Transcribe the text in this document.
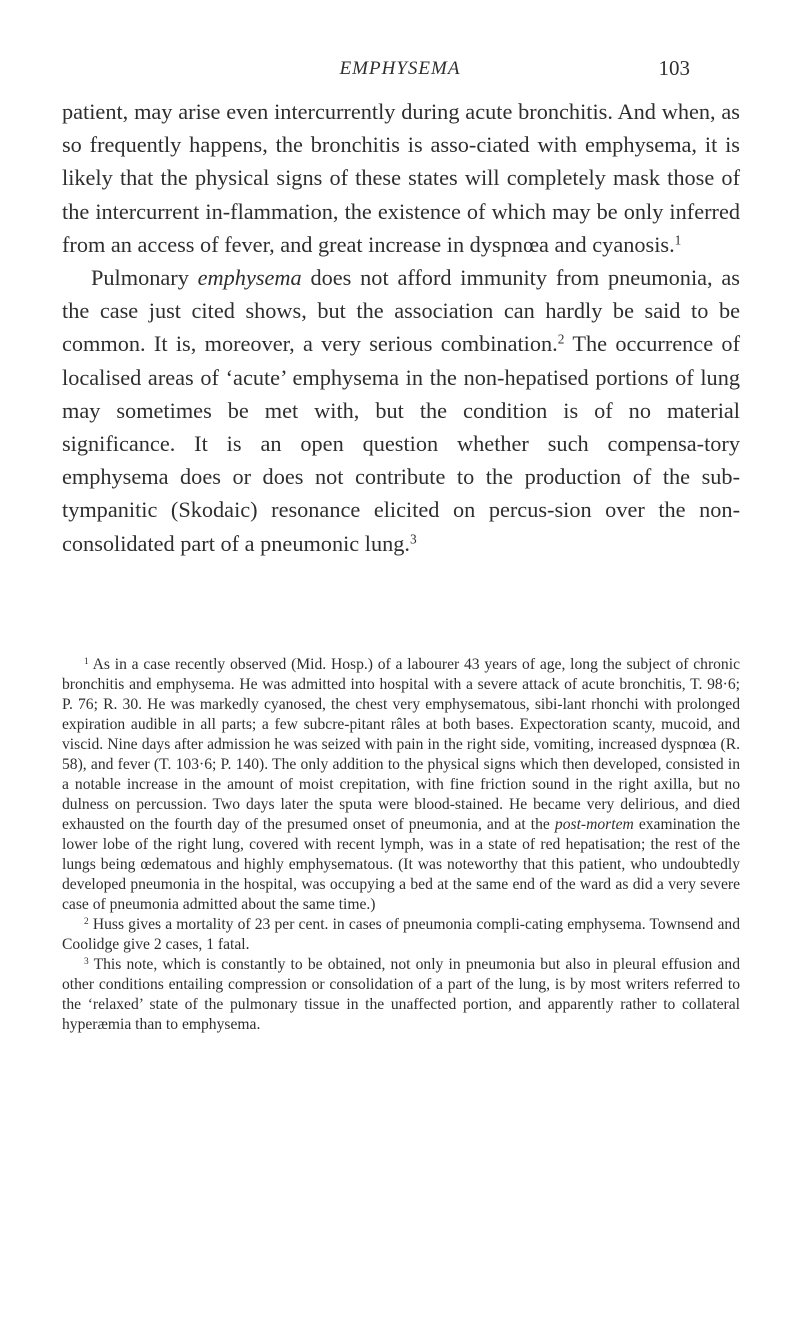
EMPHYSEMA	103

patient, may arise even intercurrently during acute bronchitis. And when, as so frequently happens, the bronchitis is asso-ciated with emphysema, it is likely that the physical signs of these states will completely mask those of the intercurrent in-flammation, the existence of which may be only inferred from an access of fever, and great increase in dyspnœa and cyanosis.$^1$

Pulmonary emphysema does not afford immunity from pneumonia, as the case just cited shows, but the association can hardly be said to be common. It is, moreover, a very serious combination.$^2$ The occurrence of localised areas of ‘acute’ emphysema in the non-hepatised portions of lung may sometimes be met with, but the condition is of no material significance. It is an open question whether such compensa-tory emphysema does or does not contribute to the production of the sub-tympanitic (Skodaic) resonance elicited on percus-sion over the non-consolidated part of a pneumonic lung.$^3$

$^1$ As in a case recently observed (Mid. Hosp.) of a labourer 43 years of age, long the subject of chronic bronchitis and emphysema. He was admitted into hospital with a severe attack of acute bronchitis, T. 98·6; P. 76; R. 30. He was markedly cyanosed, the chest very emphysematous, sibi-lant rhonchi with prolonged expiration audible in all parts; a few subcre-pitant râles at both bases. Expectoration scanty, mucoid, and viscid. Nine days after admission he was seized with pain in the right side, vomiting, increased dyspnœa (R. 58), and fever (T. 103·6; P. 140). The only addition to the physical signs which then developed, consisted in a notable increase in the amount of moist crepitation, with fine friction sound in the right axilla, but no dulness on percussion. Two days later the sputa were blood-stained. He became very delirious, and died exhausted on the fourth day of the presumed onset of pneumonia, and at the post-mortem examination the lower lobe of the right lung, covered with recent lymph, was in a state of red hepatisation; the rest of the lungs being œdematous and highly emphysematous. (It was noteworthy that this patient, who undoubtedly developed pneumonia in the hospital, was occupying a bed at the same end of the ward as did a very severe case of pneumonia admitted about the same time.)

$^2$ Huss gives a mortality of 23 per cent. in cases of pneumonia compli-cating emphysema. Townsend and Coolidge give 2 cases, 1 fatal.

$^3$ This note, which is constantly to be obtained, not only in pneumonia but also in pleural effusion and other conditions entailing compression or consolidation of a part of the lung, is by most writers referred to the ‘relaxed’ state of the pulmonary tissue in the unaffected portion, and apparently rather to collateral hyperæmia than to emphysema.
